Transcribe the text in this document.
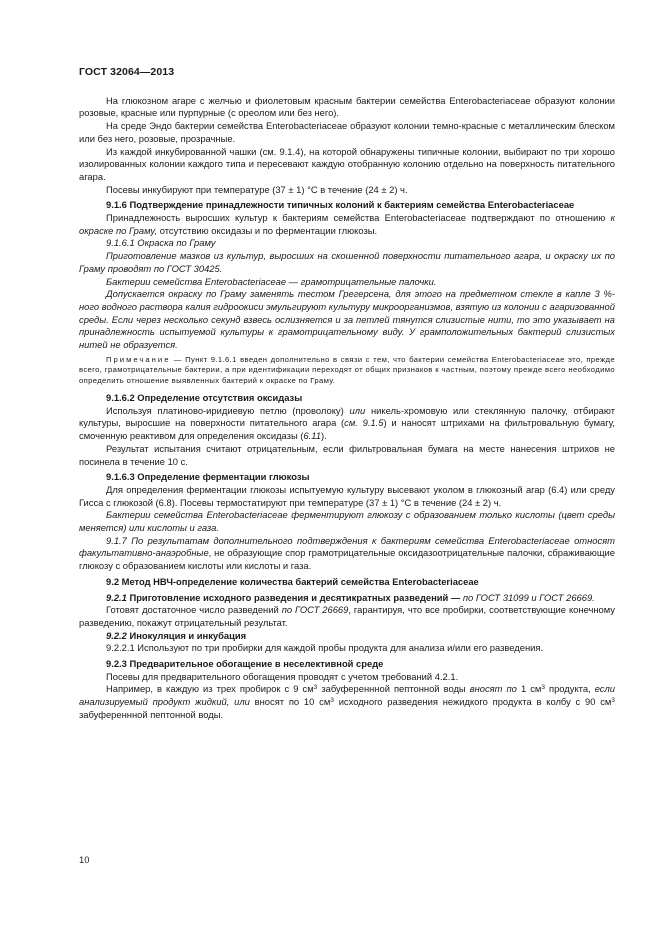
ГОСТ 32064—2013

На глюкозном агаре с желчью и фиолетовым красным бактерии семейства Enterobacteriaceae образуют колонии розовые, красные или пурпурные (с ореолом или без него).

На среде Эндо бактерии семейства Enterobacteriaceae образуют колонии темно-красные с металлическим блеском или без него, розовые, прозрачные.

Из каждой инкубированной чашки (см. 9.1.4), на которой обнаружены типичные колонии, выбирают по три хорошо изолированных колонии каждого типа и пересевают каждую отобранную колонию отдельно на поверхность питательного агара.

Посевы инкубируют при температуре (37 ± 1) °С в течение (24 ± 2) ч.

9.1.6 Подтверждение принадлежности типичных колоний к бактериям семейства Enterobacteriaceae

Принадлежность выросших культур к бактериям семейства Enterobacteriaceae подтверждают по отношению к окраске по Граму, отсутствию оксидазы и по ферментации глюкозы.

9.1.6.1 Окраска по Граму

Приготовление мазков из культур, выросших на скошенной поверхности питательного агара, и окраску их по Граму проводят по ГОСТ 30425.

Бактерии семейства Enterobacteriaceae — грамотрицательные палочки.

Допускается окраску по Граму заменять тестом Грегерсена, для этого на предметном стекле в капле 3 %-ного водного раствора калия гидроокиси эмульгируют культуру микроорганизмов, взятую из колонии с агаризованной среды. Если через несколько секунд взвесь ослизняется и за петлей тянутся слизистые нити, то это указывает на принадлежность испытуемой культуры к грамотрицательному виду. У грамположительных бактерий слизистых нитей не образуется.

Примечание — Пункт 9.1.6.1 введен дополнительно в связи с тем, что бактерии семейства Enterobacteriaceae это, прежде всего, грамотрицательные бактерии, а при идентификации переходят от общих признаков к частным, поэтому прежде всего необходимо определить отношение выявленных бактерий к окраске по Граму.

9.1.6.2 Определение отсутствия оксидазы

Используя платиново-иридиевую петлю (проволоку) или никель-хромовую или стеклянную палочку, отбирают культуры, выросшие на поверхности питательного агара (см. 9.1.5) и наносят штрихами на фильтровальную бумагу, смоченную реактивом для определения оксидазы (6.11).

Результат испытания считают отрицательным, если фильтровальная бумага на месте нанесения штрихов не посинела в течение 10 с.

9.1.6.3 Определение ферментации глюкозы

Для определения ферментации глюкозы испытуемую культуру высевают уколом в глюкозный агар (6.4) или среду Гисса с глюкозой (6.8). Посевы термостатируют при температуре (37 ± 1) °С в течение (24 ± 2) ч.

Бактерии семейства Enterobacteriaceae ферментируют глюкозу с образованием только кислоты (цвет среды меняется) или кислоты и газа.

9.1.7 По результатам дополнительного подтверждения к бактериям семейства Enterobacteriaceae относят факультативно-анаэробные, не образующие спор грамотрицательные оксидазоотрицательные палочки, сбраживающие глюкозу с образованием кислоты или кислоты и газа.

9.2 Метод НВЧ-определение количества бактерий семейства Enterobacteriaceae

9.2.1 Приготовление исходного разведения и десятикратных разведений — по ГОСТ 31099 и ГОСТ 26669.

Готовят достаточное число разведений по ГОСТ 26669, гарантируя, что все пробирки, соответствующие конечному разведению, покажут отрицательный результат.

9.2.2 Инокуляция и инкубация

9.2.2.1 Используют по три пробирки для каждой пробы продукта для анализа и/или его разведения.

9.2.3 Предварительное обогащение в неселективной среде

Посевы для предварительного обогащения проводят с учетом требований 4.2.1.

Например, в каждую из трех пробирок с 9 $см^3$ забуференнной пептонной воды вносят по 1 $см^3$ продукта, если анализируемый продукт жидкий, или вносят по 10 $см^3$ исходного разведения нежидкого продукта в колбу с 90 $см^3$ забуференнной пептонной воды.

10
